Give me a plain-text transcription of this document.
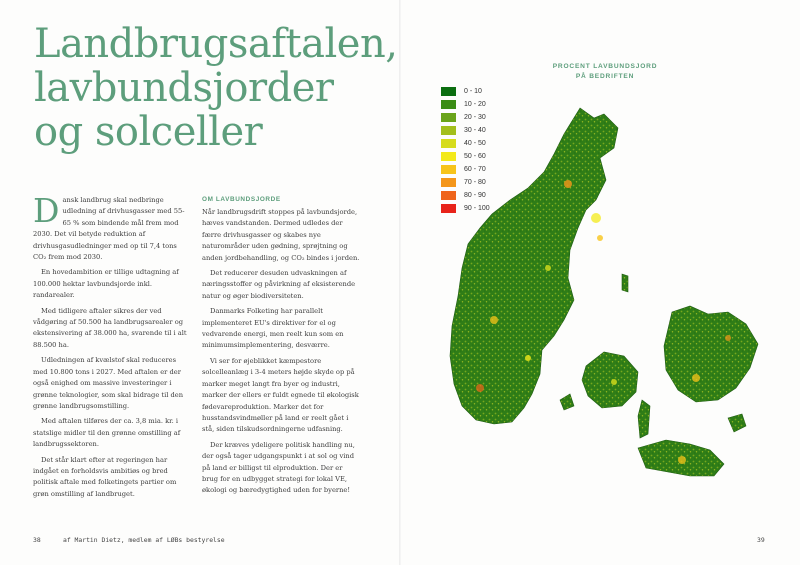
Landbrugsaftalen, lavbundsjorder og solceller

Dansk landbrug skal nedbringe udledning af drivhusgasser med 55-65 % som bindende mål frem mod 2030. Det vil betyde reduktion af drivhusgasudledninger med op til 7,4 tons CO₂ frem mod 2030.

En hovedambition er tillige udtagning af 100.000 hektar lavbundsjorde inkl. randarealer.

Med tidligere aftaler sikres der ved vådgøring af 50.500 ha landbrugsarealer og ekstensivering af 38.000 ha, svarende til i alt 88.500 ha.

Udledningen af kvælstof skal reduceres med 10.800 tons i 2027. Med aftalen er der også enighed om massive investeringer i grønne teknologier, som skal bidrage til den grønne landbrugsomstilling.

Med aftalen tilføres der ca. 3,8 mia. kr. i statslige midler til den grønne omstilling af landbrugssektoren.

Det står klart efter at regeringen har indgået en forholdsvis ambitiøs og bred politisk aftale med folketingets partier om grøn omstilling af landbruget.

OM LAVBUNDSJORDE

Når landbrugsdrift stoppes på lavbundsjorde, hæves vandstanden. Dermed udledes der færre drivhusgasser og skabes nye naturområder uden gødning, sprøjtning og anden jordbehandling, og CO₂ bindes i jorden.

Det reducerer desuden udvaskningen af næringsstoffer og påvirkning af eksisterende natur og øger biodiversiteten.

Danmarks Folketing har parallelt implementeret EU's direktiver for el og vedvarende energi, men reelt kun som en minimumsimplementering, desværre.

Vi ser for øjeblikket kæmpestore solcelleanlæg i 3-4 meters højde skyde op på marker meget langt fra byer og industri, marker der ellers er fuldt egnede til økologisk fødevareproduktion. Marker det for husstandsvindmøller på land er reelt gået i stå, siden tilskudsordningerne udfasning.

Der kræves ydeligere politisk handling nu, der også tager udgangspunkt i at sol og vind på land er billigst til elproduktion. Der er brug for en udbygget strategi for lokal VE, økologi og bæredygtighed uden for byerne!

38	af Martin Dietz, medlem af LØBs bestyrelse
PROCENT LAVBUNDSJORD
PÅ BEDRIFTEN
0 - 10
10 - 20
20 - 30
30 - 40
40 - 50
50 - 60
60 - 70
70 - 80
80 - 90
90 - 100
39
